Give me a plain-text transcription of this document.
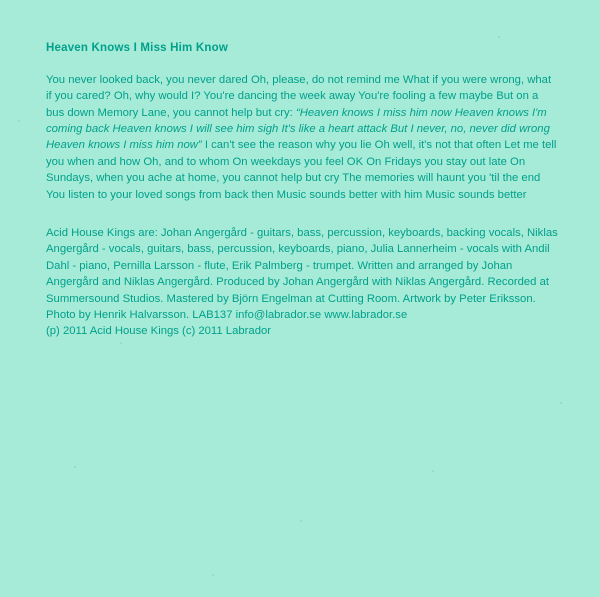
Heaven Knows I Miss Him Know
You never looked back, you never dared Oh, please, do not remind me What if you were wrong, what if you cared? Oh, why would I? You're dancing the week away You're fooling a few maybe But on a bus down Memory Lane, you cannot help but cry: “Heaven knows I miss him now Heaven knows I'm coming back Heaven knows I will see him sigh It's like a heart attack But I never, no, never did wrong Heaven knows I miss him now” I can't see the reason why you lie Oh well, it's not that often Let me tell you when and how Oh, and to whom On weekdays you feel OK On Fridays you stay out late On Sundays, when you ache at home, you cannot help but cry The memories will haunt you 'til the end You listen to your loved songs from back then Music sounds better with him Music sounds better

Acid House Kings are: Johan Angergård - guitars, bass, percussion, keyboards, backing vocals, Niklas Angergård - vocals, guitars, bass, percussion, keyboards, piano, Julia Lannerheim - vocals with Andil Dahl - piano, Pernilla Larsson - flute, Erik Palmberg - trumpet. Written and arranged by Johan Angergård and Niklas Angergård. Produced by Johan Angergård with Niklas Angergård. Recorded at Summersound Studios. Mastered by Björn Engelman at Cutting Room. Artwork by Peter Eriksson. Photo by Henrik Halvarsson. LAB137 info@labrador.se www.labrador.se

(p) 2011 Acid House Kings (c) 2011 Labrador
